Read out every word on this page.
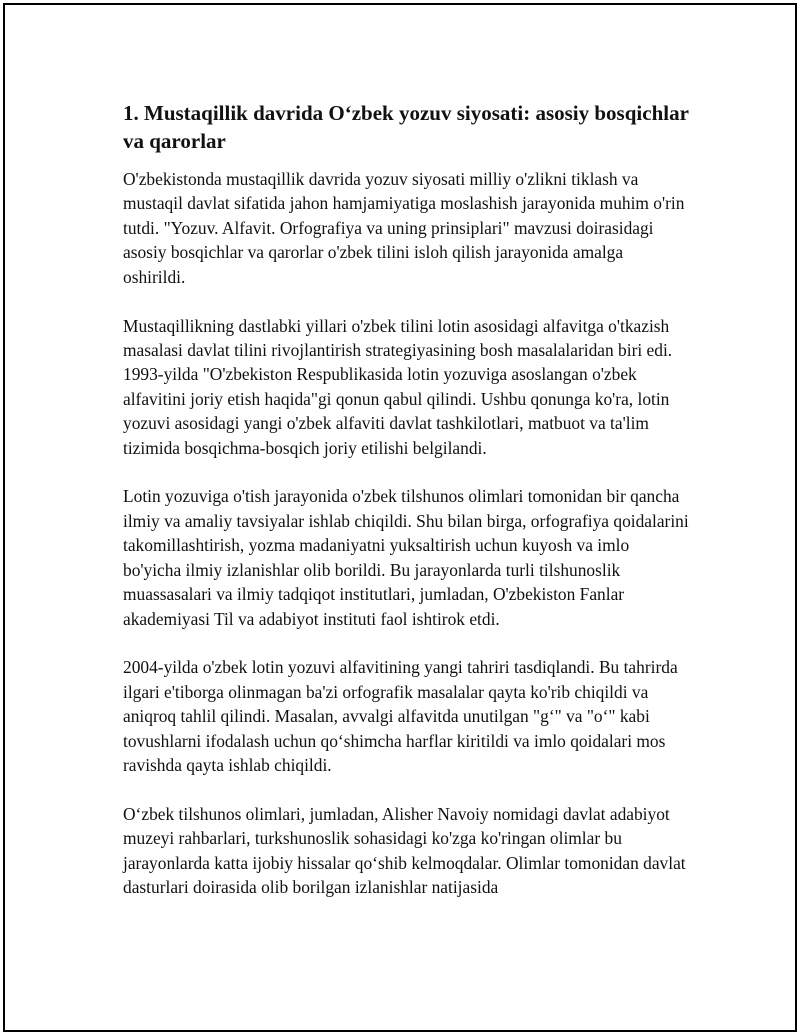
1. Mustaqillik davrida O‘zbek yozuv siyosati: asosiy bosqichlar va qarorlar

O'zbekistonda mustaqillik davrida yozuv siyosati milliy o'zlikni tiklash va mustaqil davlat sifatida jahon hamjamiyatiga moslashish jarayonida muhim o'rin tutdi. "Yozuv. Alfavit. Orfografiya va uning prinsiplari" mavzusi doirasidagi asosiy bosqichlar va qarorlar o'zbek tilini isloh qilish jarayonida amalga oshirildi.

Mustaqillikning dastlabki yillari o'zbek tilini lotin asosidagi alfavitga o'tkazish masalasi davlat tilini rivojlantirish strategiyasining bosh masalalaridan biri edi. 1993-yilda "O'zbekiston Respublikasida lotin yozuviga asoslangan o'zbek alfavitini joriy etish haqida"gi qonun qabul qilindi. Ushbu qonunga ko'ra, lotin yozuvi asosidagi yangi o'zbek alfaviti davlat tashkilotlari, matbuot va ta'lim tizimida bosqichma-bosqich joriy etilishi belgilandi.

Lotin yozuviga o'tish jarayonida o'zbek tilshunos olimlari tomonidan bir qancha ilmiy va amaliy tavsiyalar ishlab chiqildi. Shu bilan birga, orfografiya qoidalarini takomillashtirish, yozma madaniyatni yuksaltirish uchun kuyosh va imlo bo'yicha ilmiy izlanishlar olib borildi. Bu jarayonlarda turli tilshunoslik muassasalari va ilmiy tadqiqot institutlari, jumladan, O'zbekiston Fanlar akademiyasi Til va adabiyot instituti faol ishtirok etdi.

2004-yilda o'zbek lotin yozuvi alfavitining yangi tahriri tasdiqlandi. Bu tahrirda ilgari e'tiborga olinmagan ba'zi orfografik masalalar qayta ko'rib chiqildi va aniqroq tahlil qilindi. Masalan, avvalgi alfavitda unutilgan "g‘" va "o‘" kabi tovushlarni ifodalash uchun qo‘shimcha harflar kiritildi va imlo qoidalari mos ravishda qayta ishlab chiqildi.

O‘zbek tilshunos olimlari, jumladan, Alisher Navoiy nomidagi davlat adabiyot muzeyi rahbarlari, turkshunoslik sohasidagi ko'zga ko'ringan olimlar bu jarayonlarda katta ijobiy hissalar qo‘shib kelmoqdalar. Olimlar tomonidan davlat dasturlari doirasida olib borilgan izlanishlar natijasida
